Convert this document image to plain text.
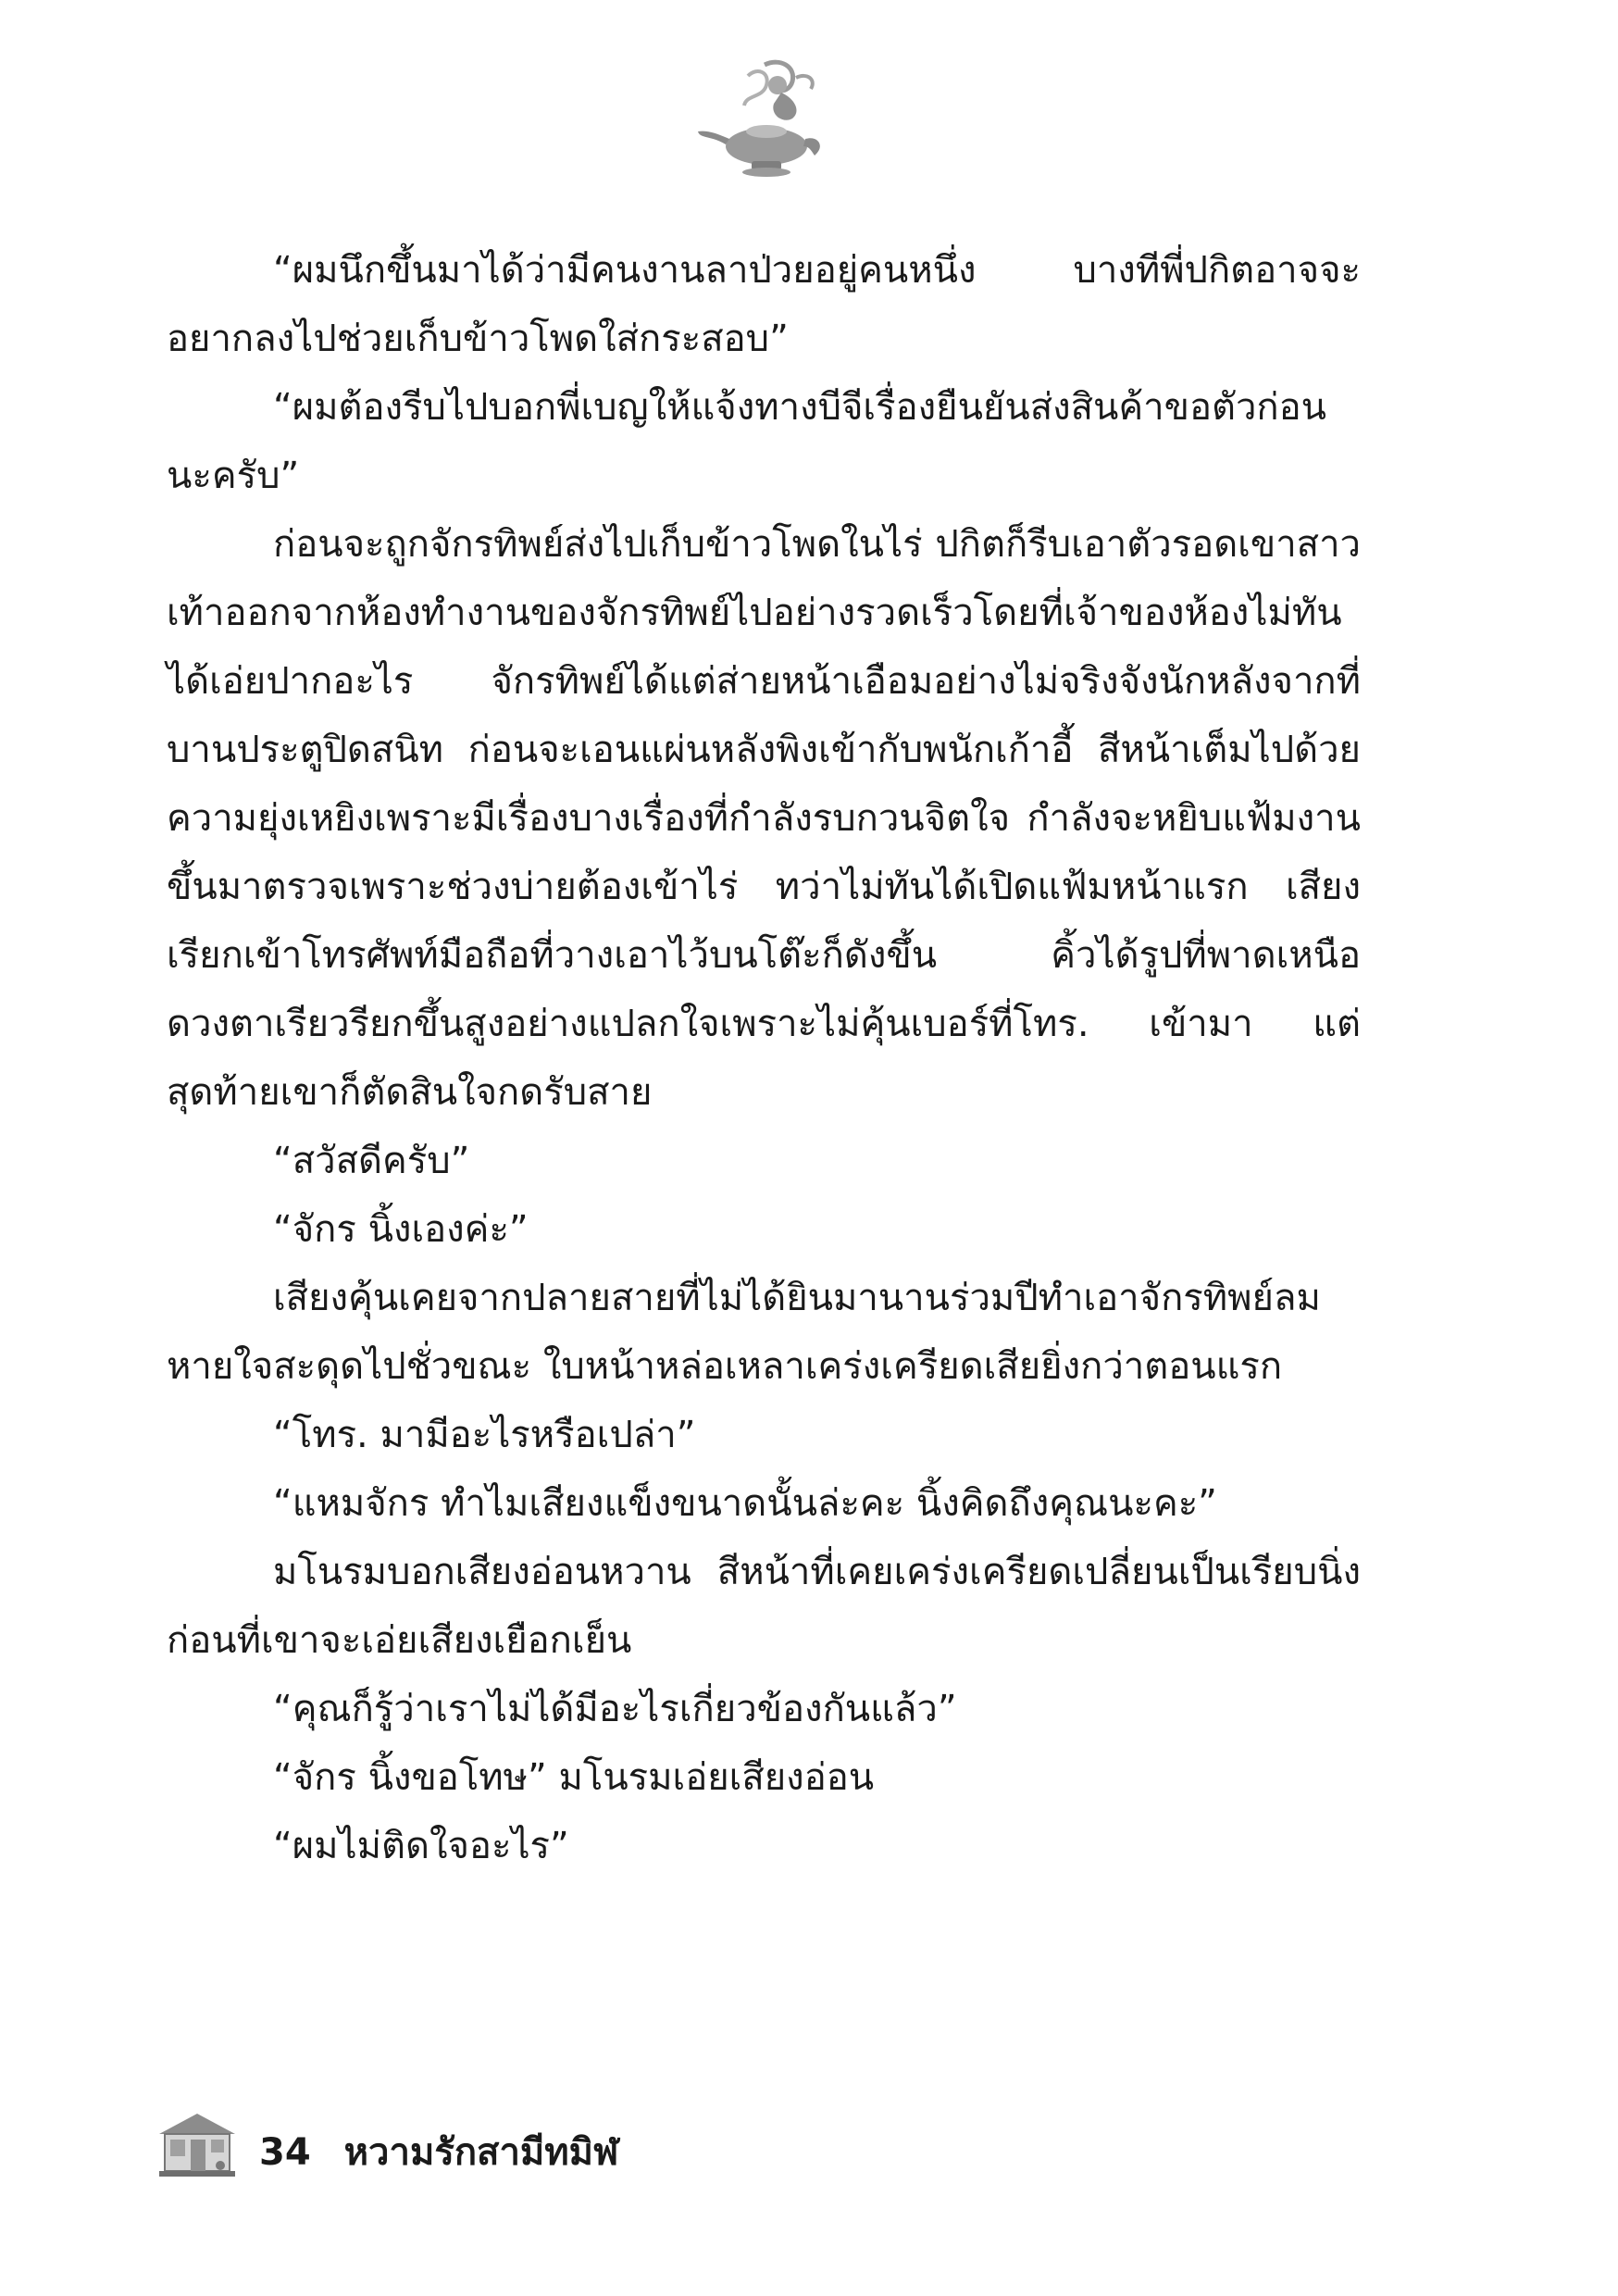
“ผมนึกขึ้นมาได้ว่ามีคนงานลาป่วยอยู่คนหนึ่ง บางทีพี่ปกิตอาจจะอยากลงไปช่วยเก็บข้าวโพดใส่กระสอบ”

“ผมต้องรีบไปบอกพี่เบญให้แจ้งทางบีจีเรื่องยืนยันส่งสินค้าขอตัวก่อนนะครับ”

ก่อนจะถูกจักรทิพย์ส่งไปเก็บข้าวโพดในไร่ ปกิตก็รีบเอาตัวรอดเขาสาวเท้าออกจากห้องทำงานของจักรทิพย์ไปอย่างรวดเร็วโดยที่เจ้าของห้องไม่ทันได้เอ่ยปากอะไร จักรทิพย์ได้แต่ส่ายหน้าเอือมอย่างไม่จริงจังนักหลังจากที่บานประตูปิดสนิท ก่อนจะเอนแผ่นหลังพิงเข้ากับพนักเก้าอี้ สีหน้าเต็มไปด้วยความยุ่งเหยิงเพราะมีเรื่องบางเรื่องที่กำลังรบกวนจิตใจ กำลังจะหยิบแฟ้มงานขึ้นมาตรวจเพราะช่วงบ่ายต้องเข้าไร่ ทว่าไม่ทันได้เปิดแฟ้มหน้าแรก เสียงเรียกเข้าโทรศัพท์มือถือที่วางเอาไว้บนโต๊ะก็ดังขึ้น คิ้วได้รูปที่พาดเหนือดวงตาเรียวรียกขึ้นสูงอย่างแปลกใจเพราะไม่คุ้นเบอร์ที่โทร. เข้ามา แต่สุดท้ายเขาก็ตัดสินใจกดรับสาย

“สวัสดีครับ”

“จักร นิ้งเองค่ะ”

เสียงคุ้นเคยจากปลายสายที่ไม่ได้ยินมานานร่วมปีทำเอาจักรทิพย์ลมหายใจสะดุดไปชั่วขณะ ใบหน้าหล่อเหลาเคร่งเครียดเสียยิ่งกว่าตอนแรก

“โทร. มามีอะไรหรือเปล่า”

“แหมจักร ทำไมเสียงแข็งขนาดนั้นล่ะคะ นิ้งคิดถึงคุณนะคะ”

มโนรมบอกเสียงอ่อนหวาน สีหน้าที่เคยเคร่งเครียดเปลี่ยนเป็นเรียบนิ่งก่อนที่เขาจะเอ่ยเสียงเยือกเย็น

“คุณก็รู้ว่าเราไม่ได้มีอะไรเกี่ยวข้องกันแล้ว”

“จักร นิ้งขอโทษ” มโนรมเอ่ยเสียงอ่อน

“ผมไม่ติดใจอะไร”

34 หวามรักสามีทมิฬ
